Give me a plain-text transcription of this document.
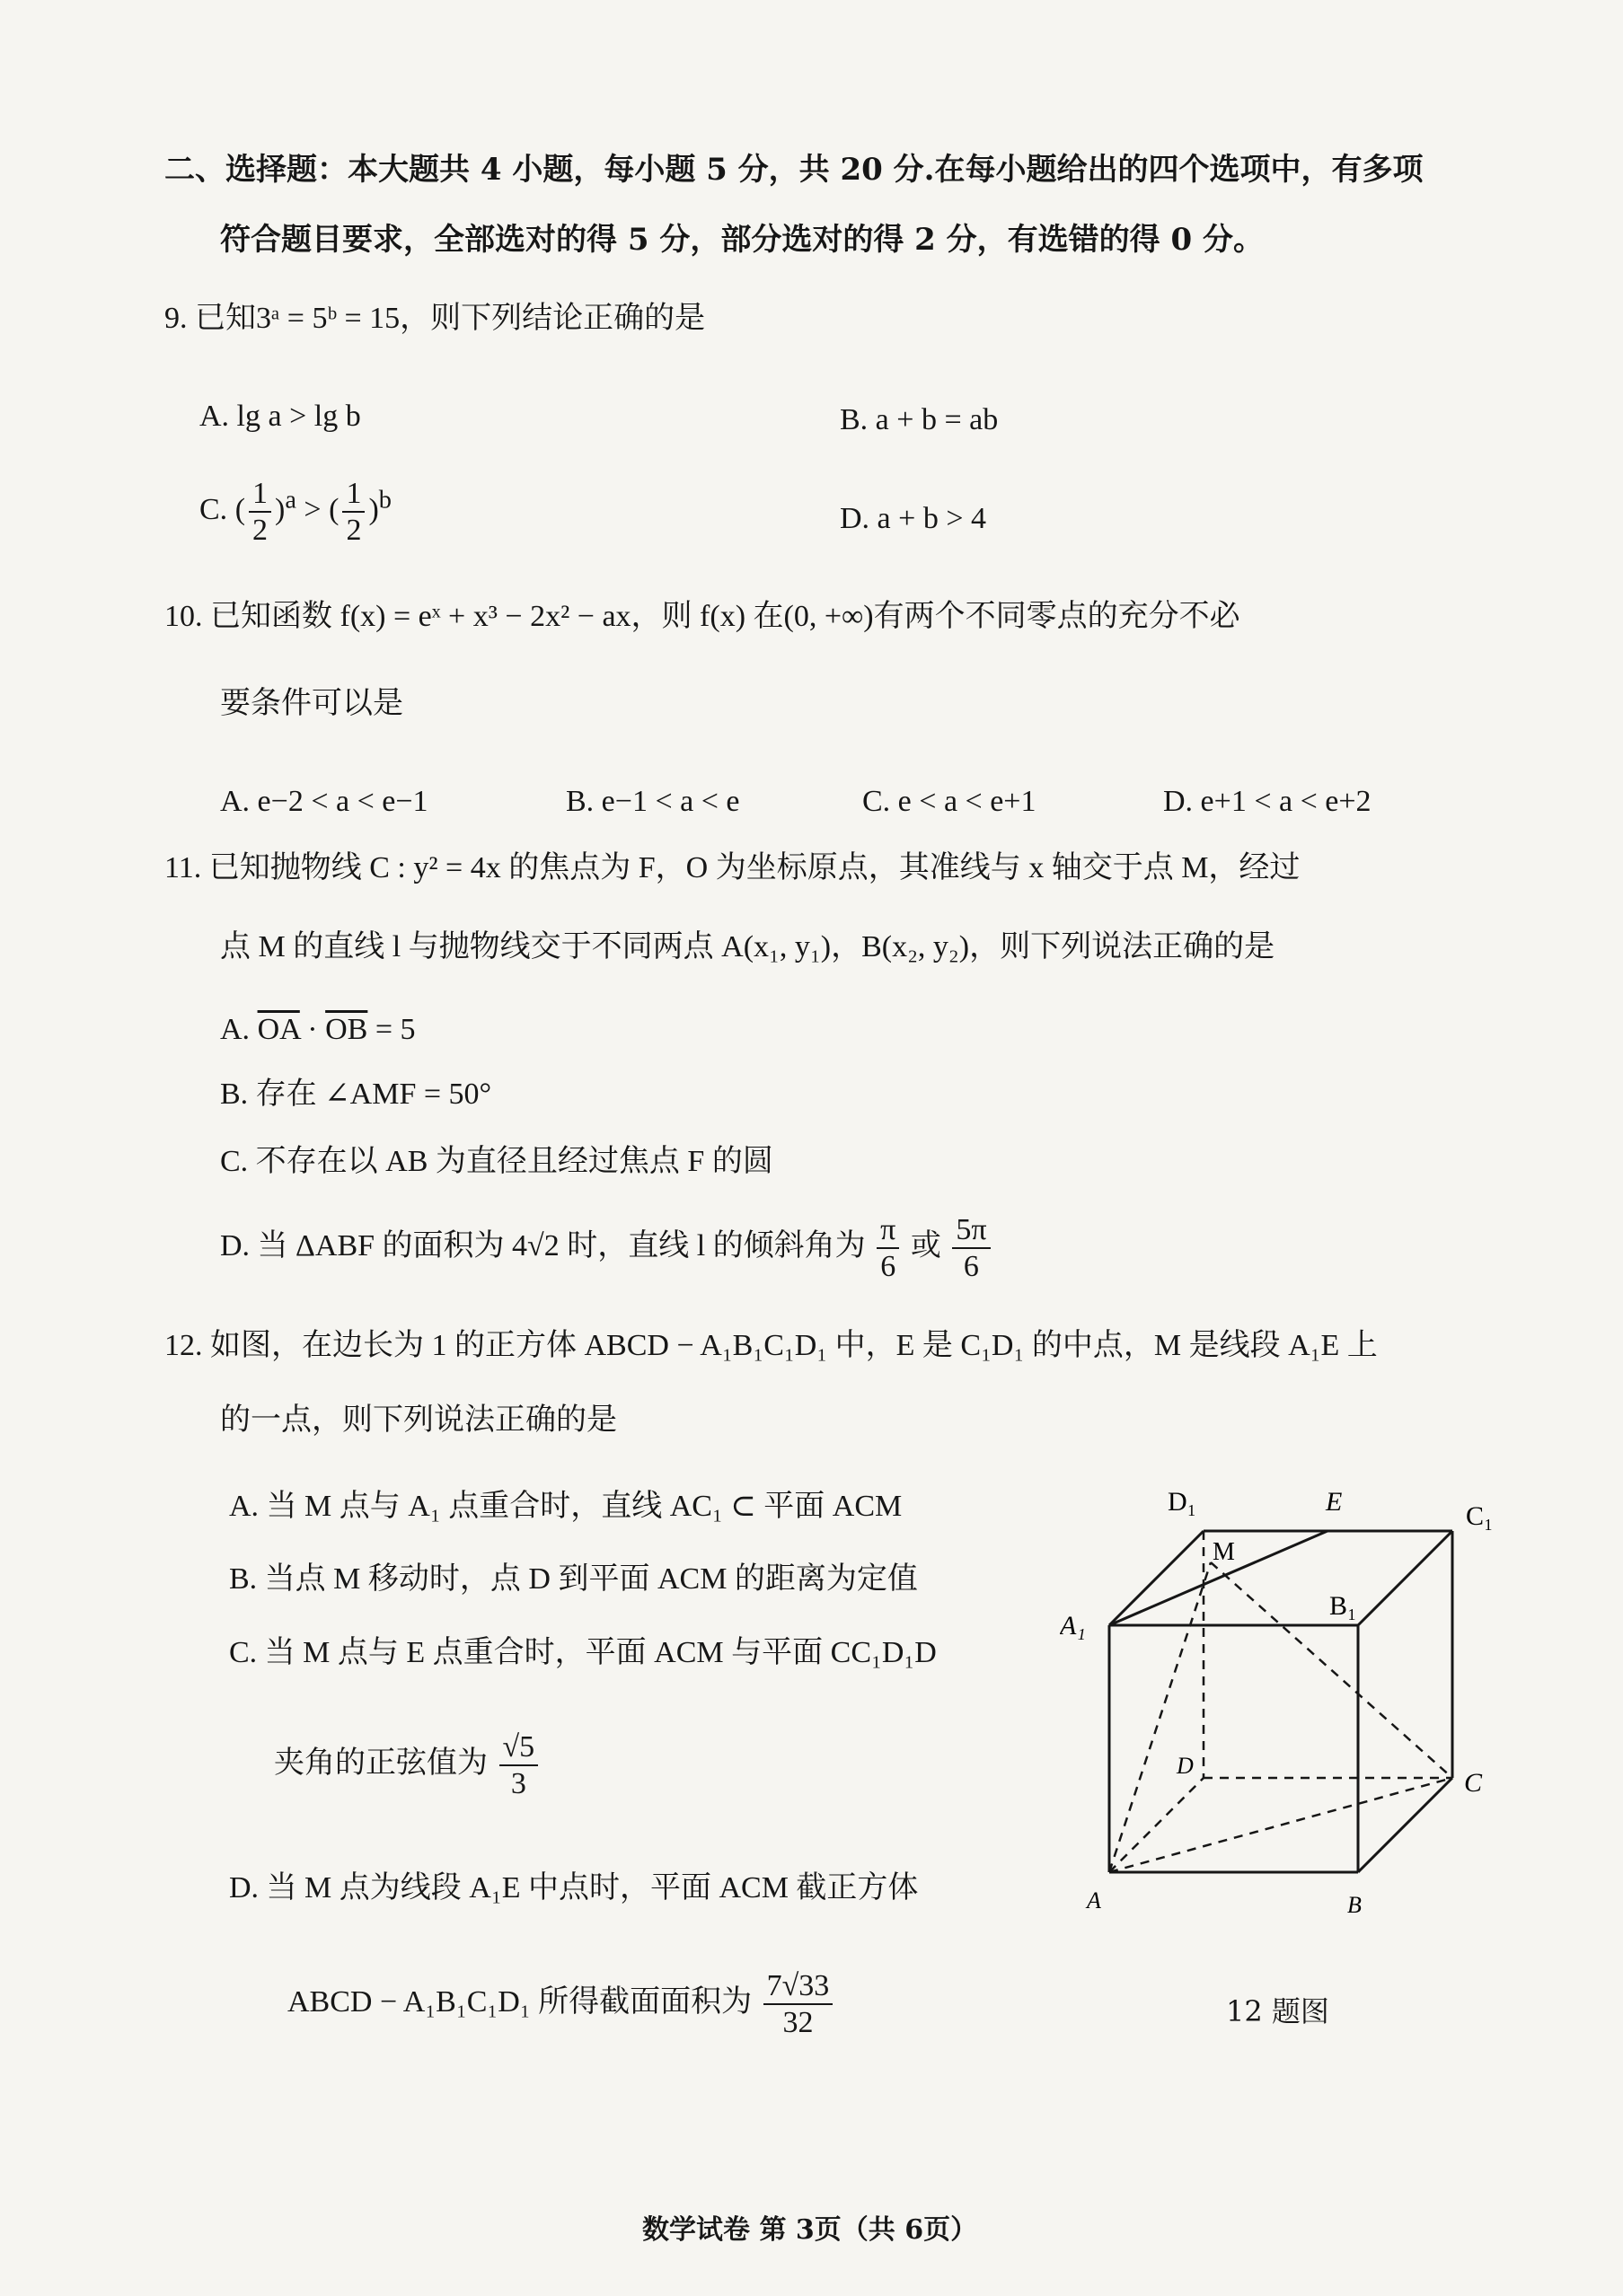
二、选择题：本大题共 4 小题，每小题 5 分，共 20 分.在每小题给出的四个选项中，有多项
符合题目要求，全部选对的得 5 分，部分选对的得 2 分，有选错的得 0 分。
9. 已知3ᵃ = 5ᵇ = 15，则下列结论正确的是
A. lg a > lg b	B. a + b = ab
C. ( $\frac{1}{2} )^a$ > ( $\frac{1}{2} )^b$
D. a + b > 4
10. 已知函数 f(x) = eˣ + x³ − 2x² − ax，则 f(x) 在(0, +∞)有两个不同零点的充分不必
要条件可以是
A. e−2 < a < e−1	B. e−1 < a < e	C. e < a < e+1	D. e+1 < a < e+2
11. 已知抛物线 C : y² = 4x 的焦点为 F，O 为坐标原点，其准线与 x 轴交于点 M，经过
点 M 的直线 l 与抛物线交于不同两点 A(x₁, y₁)，B(x₂, y₂)，则下列说法正确的是
A. $\overline{OA} \cdot \overline{OB} = 5$
B. 存在 ∠AMF = 50°
C. 不存在以 AB 为直径且经过焦点 F 的圆
D. 当 ΔABF 的面积为 4√2 时，直线 l 的倾斜角为 $\frac{\pi}{6}$ 或 $\frac{5\pi}{6}$
12. 如图，在边长为 1 的正方体 ABCD − A₁B₁C₁D₁ 中，E 是 C₁D₁ 的中点，M 是线段 A₁E 上
的一点，则下列说法正确的是
A. 当 M 点与 A₁ 点重合时，直线 AC₁ ⊂ 平面 ACM
B. 当点 M 移动时，点 D 到平面 ACM 的距离为定值
C. 当 M 点与 E 点重合时，平面 ACM 与平面 CC₁D₁D
夹角的正弦值为 $\frac{√5}{3}$
D. 当 M 点为线段 A₁E 中点时，平面 ACM 截正方体
ABCD − A₁B₁C₁D₁ 所得截面面积为 $\frac{7√33}{32}$
D₁	E	C₁
M
A₁
B₁
D
C
A	B
12 题图
数学试卷 第 3页（共 6页）
